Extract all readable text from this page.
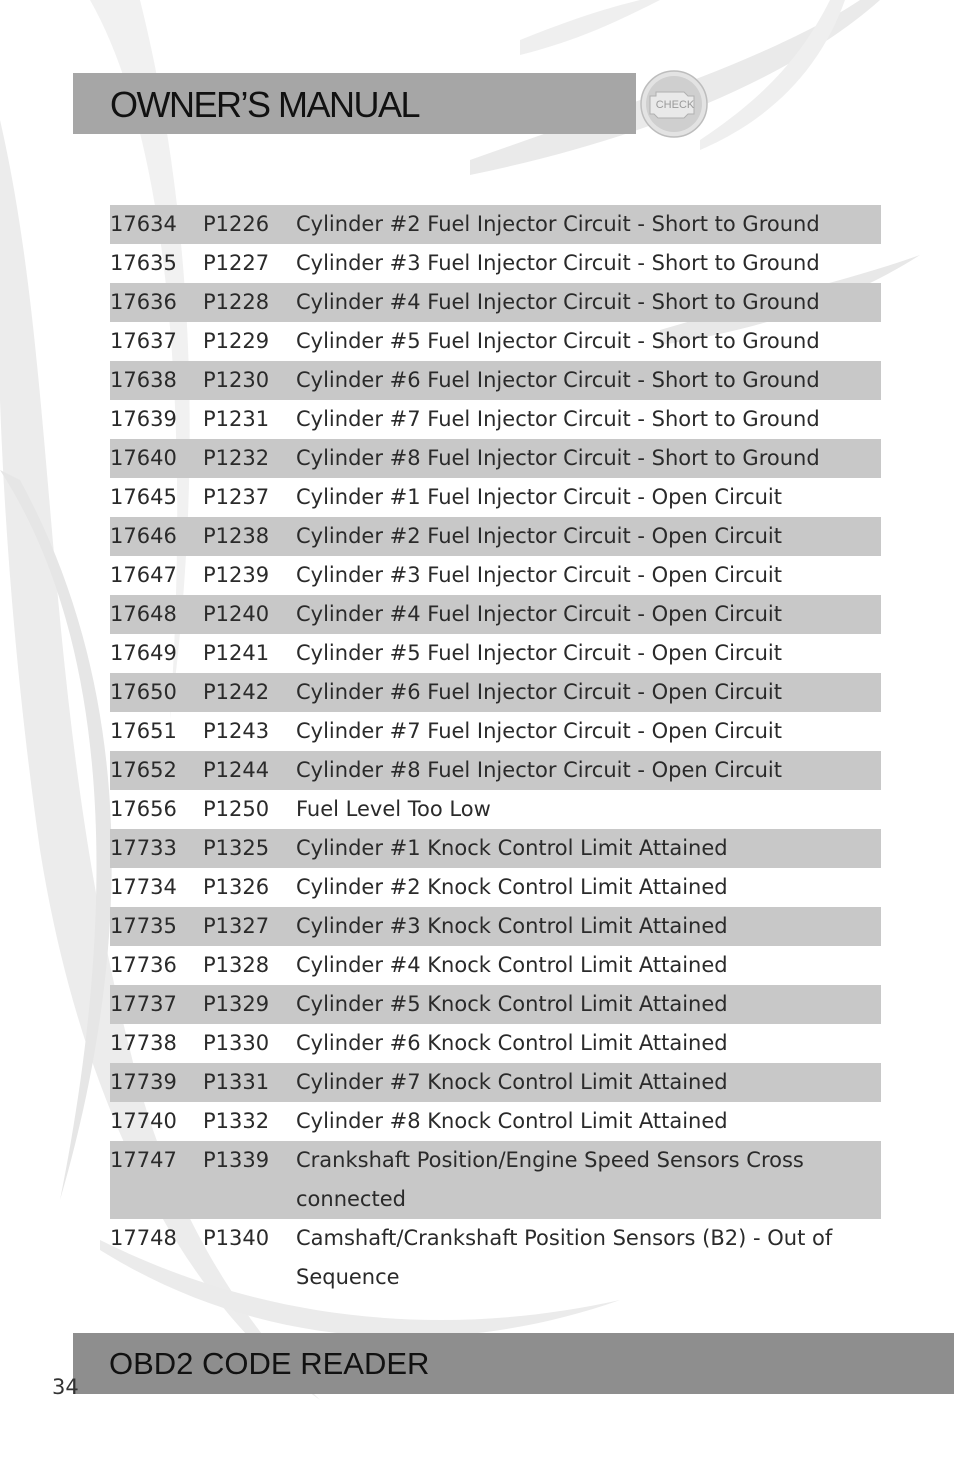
OWNER’S MANUAL	CHECK
17634	P1226	Cylinder #2 Fuel Injector Circuit - Short to Ground
17635	P1227	Cylinder #3 Fuel Injector Circuit - Short to Ground
17636	P1228	Cylinder #4 Fuel Injector Circuit - Short to Ground
17637	P1229	Cylinder #5 Fuel Injector Circuit - Short to Ground
17638	P1230	Cylinder #6 Fuel Injector Circuit - Short to Ground
17639	P1231	Cylinder #7 Fuel Injector Circuit - Short to Ground
17640	P1232	Cylinder #8 Fuel Injector Circuit - Short to Ground
17645	P1237	Cylinder #1 Fuel Injector Circuit - Open Circuit
17646	P1238	Cylinder #2 Fuel Injector Circuit - Open Circuit
17647	P1239	Cylinder #3 Fuel Injector Circuit - Open Circuit
17648	P1240	Cylinder #4 Fuel Injector Circuit - Open Circuit
17649	P1241	Cylinder #5 Fuel Injector Circuit - Open Circuit
17650	P1242	Cylinder #6 Fuel Injector Circuit - Open Circuit
17651	P1243	Cylinder #7 Fuel Injector Circuit - Open Circuit
17652	P1244	Cylinder #8 Fuel Injector Circuit - Open Circuit
17656	P1250	Fuel Level Too Low
17733	P1325	Cylinder #1 Knock Control Limit Attained
17734	P1326	Cylinder #2 Knock Control Limit Attained
17735	P1327	Cylinder #3 Knock Control Limit Attained
17736	P1328	Cylinder #4 Knock Control Limit Attained
17737	P1329	Cylinder #5 Knock Control Limit Attained
17738	P1330	Cylinder #6 Knock Control Limit Attained
17739	P1331	Cylinder #7 Knock Control Limit Attained
17740	P1332	Cylinder #8 Knock Control Limit Attained
17747	P1339	Crankshaft Position/Engine Speed Sensors Cross connected
17748	P1340	Camshaft/Crankshaft Position Sensors (B2) - Out of Sequence
OBD2 CODE READER
34
